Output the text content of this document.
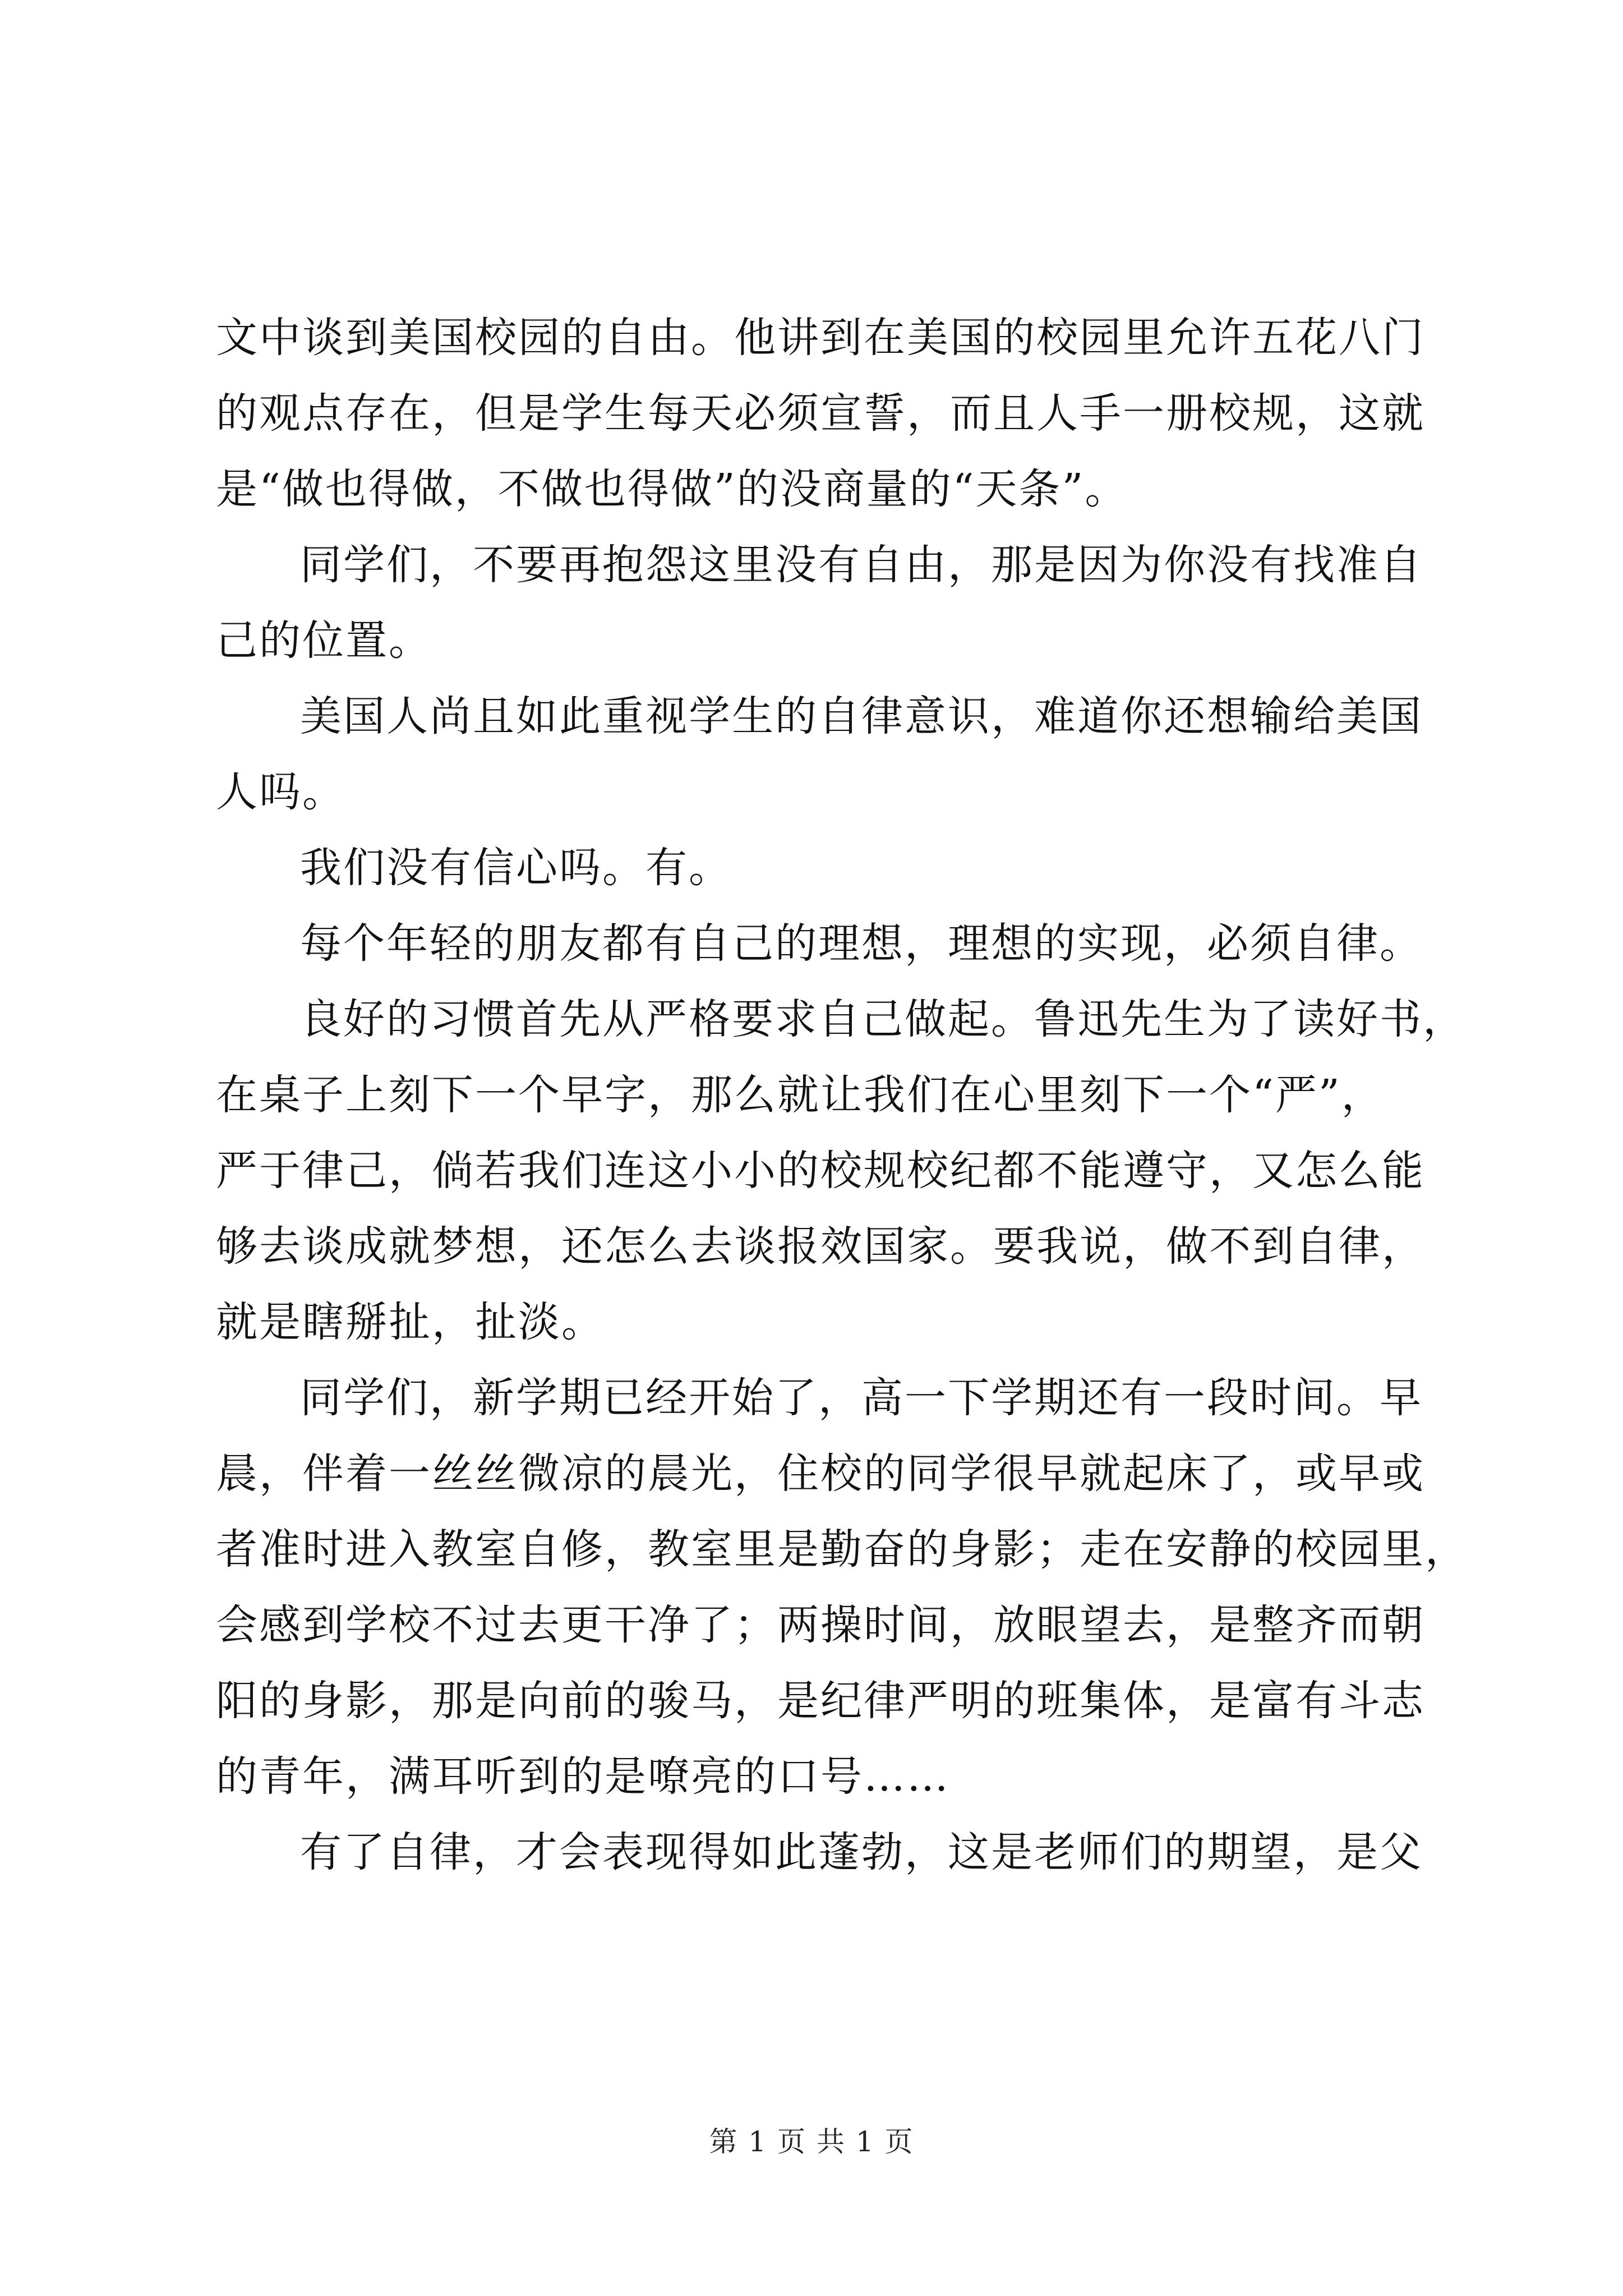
文中谈到美国校园的自由。他讲到在美国的校园里允许五花八门
的观点存在，但是学生每天必须宣誓，而且人手一册校规，这就
是“做也得做，不做也得做”的没商量的“天条”。
同学们，不要再抱怨这里没有自由，那是因为你没有找准自
己的位置。
美国人尚且如此重视学生的自律意识，难道你还想输给美国
人吗。
我们没有信心吗。有。
每个年轻的朋友都有自己的理想，理想的实现，必须自律。
良好的习惯首先从严格要求自己做起。鲁迅先生为了读好书，
在桌子上刻下一个早字，那么就让我们在心里刻下一个“严”，
严于律己，倘若我们连这小小的校规校纪都不能遵守，又怎么能
够去谈成就梦想，还怎么去谈报效国家。要我说，做不到自律，
就是瞎掰扯，扯淡。
同学们，新学期已经开始了，高一下学期还有一段时间。早
晨，伴着一丝丝微凉的晨光，住校的同学很早就起床了，或早或
者准时进入教室自修，教室里是勤奋的身影；走在安静的校园里，
会感到学校不过去更干净了；两操时间，放眼望去，是整齐而朝
阳的身影，那是向前的骏马，是纪律严明的班集体，是富有斗志
的青年，满耳听到的是嘹亮的口号……
有了自律，才会表现得如此蓬勃，这是老师们的期望，是父
第 1 页 共 1 页
